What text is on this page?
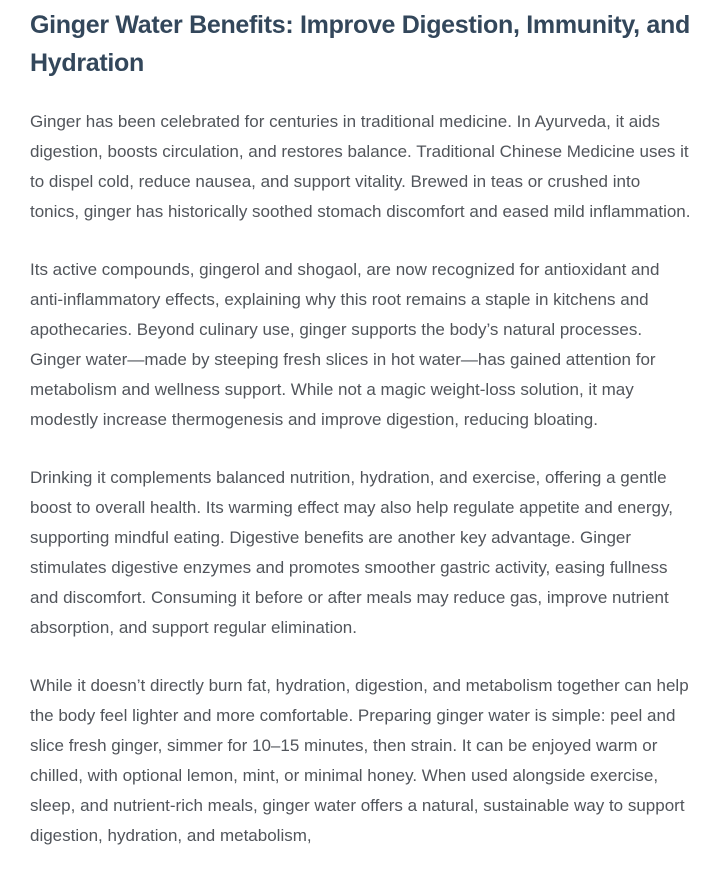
Ginger Water Benefits: Improve Digestion, Immunity, and Hydration

Ginger has been celebrated for centuries in traditional medicine. In Ayurveda, it aids digestion, boosts circulation, and restores balance. Traditional Chinese Medicine uses it to dispel cold, reduce nausea, and support vitality. Brewed in teas or crushed into tonics, ginger has historically soothed stomach discomfort and eased mild inflammation.

Its active compounds, gingerol and shogaol, are now recognized for antioxidant and anti-inflammatory effects, explaining why this root remains a staple in kitchens and apothecaries. Beyond culinary use, ginger supports the body’s natural processes. Ginger water—made by steeping fresh slices in hot water—has gained attention for metabolism and wellness support. While not a magic weight-loss solution, it may modestly increase thermogenesis and improve digestion, reducing bloating.

Drinking it complements balanced nutrition, hydration, and exercise, offering a gentle boost to overall health. Its warming effect may also help regulate appetite and energy, supporting mindful eating. Digestive benefits are another key advantage. Ginger stimulates digestive enzymes and promotes smoother gastric activity, easing fullness and discomfort. Consuming it before or after meals may reduce gas, improve nutrient absorption, and support regular elimination.

While it doesn’t directly burn fat, hydration, digestion, and metabolism together can help the body feel lighter and more comfortable. Preparing ginger water is simple: peel and slice fresh ginger, simmer for 10–15 minutes, then strain. It can be enjoyed warm or chilled, with optional lemon, mint, or minimal honey. When used alongside exercise, sleep, and nutrient-rich meals, ginger water offers a natural, sustainable way to support digestion, hydration, and metabolism,
